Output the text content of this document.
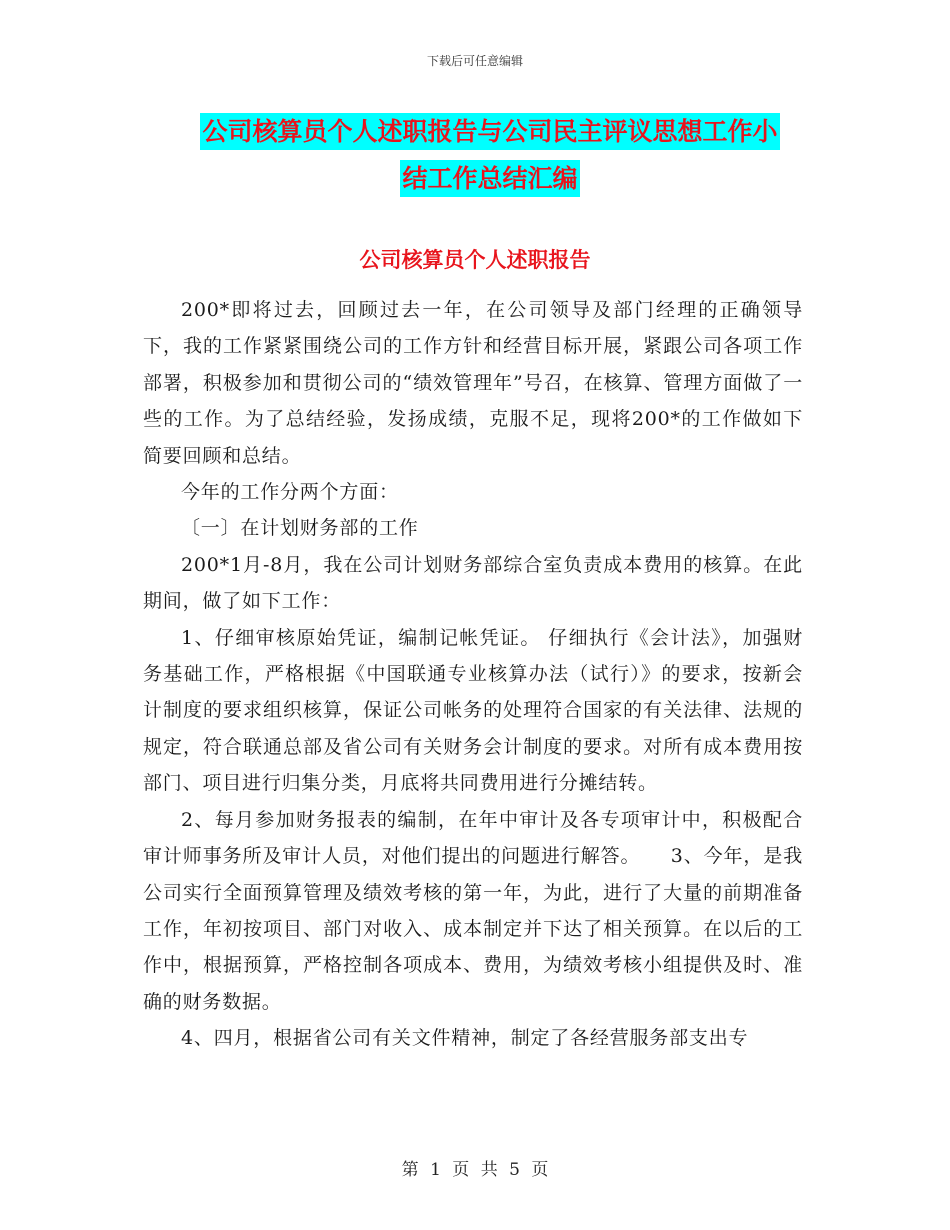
下载后可任意编辑
公司核算员个人述职报告与公司民主评议思想工作小
结工作总结汇编
公司核算员个人述职报告

200*即将过去，回顾过去一年，在公司领导及部门经理的正确领导下，我的工作紧紧围绕公司的工作方针和经营目标开展，紧跟公司各项工作部署，积极参加和贯彻公司的“绩效管理年”号召，在核算、管理方面做了一些的工作。为了总结经验，发扬成绩，克服不足，现将200*的工作做如下简要回顾和总结。

今年的工作分两个方面：

〔一〕在计划财务部的工作

200*1月-8月，我在公司计划财务部综合室负责成本费用的核算。在此期间，做了如下工作：

1、仔细审核原始凭证，编制记帐凭证。 仔细执行《会计法》，加强财务基础工作，严格根据《中国联通专业核算办法（试行）》的要求，按新会计制度的要求组织核算，保证公司帐务的处理符合国家的有关法律、法规的规定，符合联通总部及省公司有关财务会计制度的要求。对所有成本费用按部门、项目进行归集分类，月底将共同费用进行分摊结转。

2、每月参加财务报表的编制，在年中审计及各专项审计中，积极配合审计师事务所及审计人员，对他们提出的问题进行解答。　　3、今年，是我公司实行全面预算管理及绩效考核的第一年，为此，进行了大量的前期准备工作，年初按项目、部门对收入、成本制定并下达了相关预算。在以后的工作中，根据预算，严格控制各项成本、费用，为绩效考核小组提供及时、准确的财务数据。

4、四月，根据省公司有关文件精神，制定了各经营服务部支出专

第 1 页 共 5 页
